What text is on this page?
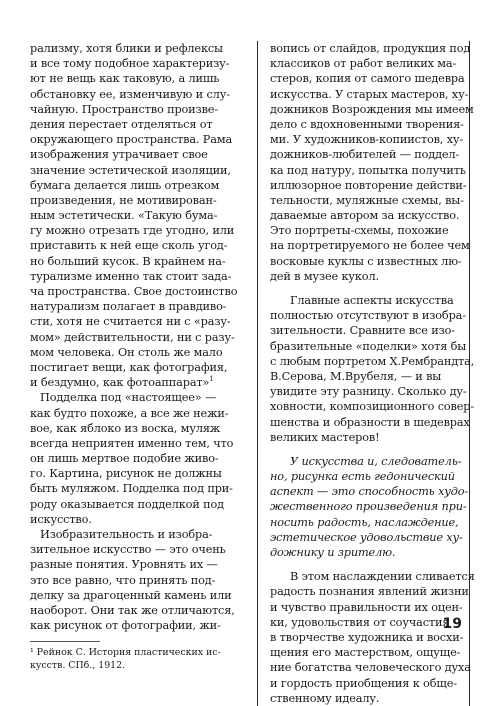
рализму, хотя блики и рефлексы
и все тому подобное характеризу-
ют не вещь как таковую, а лишь
обстановку ее, изменчивую и слу-
чайную. Пространство произве-
дения перестает отделяться от
окружающего пространства. Рама
изображения утрачивает свое
значение эстетической изоляции,
бумага делается лишь отрезком
произведения, не мотивирован-
ным эстетически. «Такую бума-
гу можно отрезать где угодно, или
приставить к ней еще сколь угод-
но больший кусок. В крайнем на-
турализме именно так стоит зада-
ча пространства. Свое достоинство
натурализм полагает в правдиво-
сти, хотя не считается ни с «разу-
мом» действительности, ни с разу-
мом человека. Он столь же мало
постигает вещи, как фотография,
и бездумно, как фотоаппарат»$^1$
Подделка под «настоящее» —
как будто похоже, а все же нежи-
вое, как яблоко из воска, муляж
всегда неприятен именно тем, что
он лишь мертвое подобие живо-
го. Картина, рисунок не должны
быть муляжом. Подделка под при-
роду оказывается подделкой под
искусство.
Изобразительность и изобра-
зительное искусство — это очень
разные понятия. Уровнять их —
это все равно, что принять под-
делку за драгоценный камень или
наоборот. Они так же отличаются,
как рисунок от фотографии, жи-
¹ Рейнок С. История пластических ис-
кусств. СПб., 1912.
вопись от слайдов, продукция под
классиков от работ великих ма-
стеров, копия от самого шедевра
искусства. У старых мастеров, ху-
дожников Возрождения мы имеем
дело с вдохновенными творения-
ми. У художников-копиистов, ху-
дожников-любителей — поддел-
ка под натуру, попытка получить
иллюзорное повторение действи-
тельности, муляжные схемы, вы-
даваемые автором за искусство.
Это портреты-схемы, похожие
на портретируемого не более чем
восковые куклы с известных лю-
дей в музее кукол.
Главные аспекты искусства
полностью отсутствуют в изобра-
зительности. Сравните все изо-
бразительные «поделки» хотя бы
с любым портретом Х.Рембрандта,
В.Серова, М.Врубеля, — и вы
увидите эту разницу. Сколько ду-
ховности, композиционного совер-
шенства и образности в шедеврах
великих мастеров!
У искусства и, следователь-
но, рисунка есть гедонический
аспект — это способность худо-
жественного произведения при-
носить радость, наслаждение,
эстетическое удовольствие ху-
дожнику и зрителю.
В этом наслаждении сливается
радость познания явлений жизни
и чувство правильности их оцен-
ки, удовольствия от соучастия
в творчестве художника и восхи-
щения его мастерством, ощуще-
ние богатства человеческого духа
и гордость приобщения к обще-
ственному идеалу.
19
